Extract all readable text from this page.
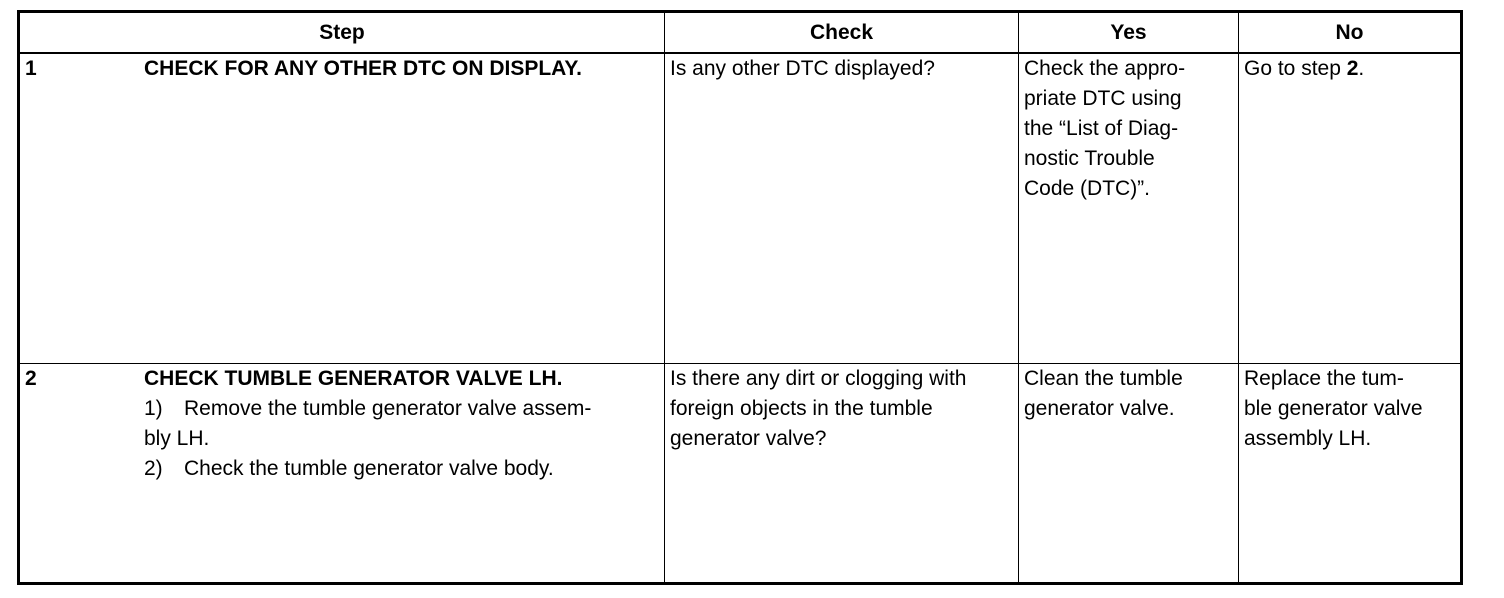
Step	Check	Yes	No
1 CHECK FOR ANY OTHER DTC ON DISPLAY.	Is any other DTC displayed?	Check the appro-
priate DTC using
the “List of Diag-
nostic Trouble
Code (DTC)”.	Go to step 2.
2 CHECK TUMBLE GENERATOR VALVE LH.
1) Remove the tumble generator valve assem-
bly LH.
2) Check the tumble generator valve body.	Is there any dirt or clogging with
foreign objects in the tumble
generator valve?	Clean the tumble
generator valve.	Replace the tum-
ble generator valve
assembly LH.
